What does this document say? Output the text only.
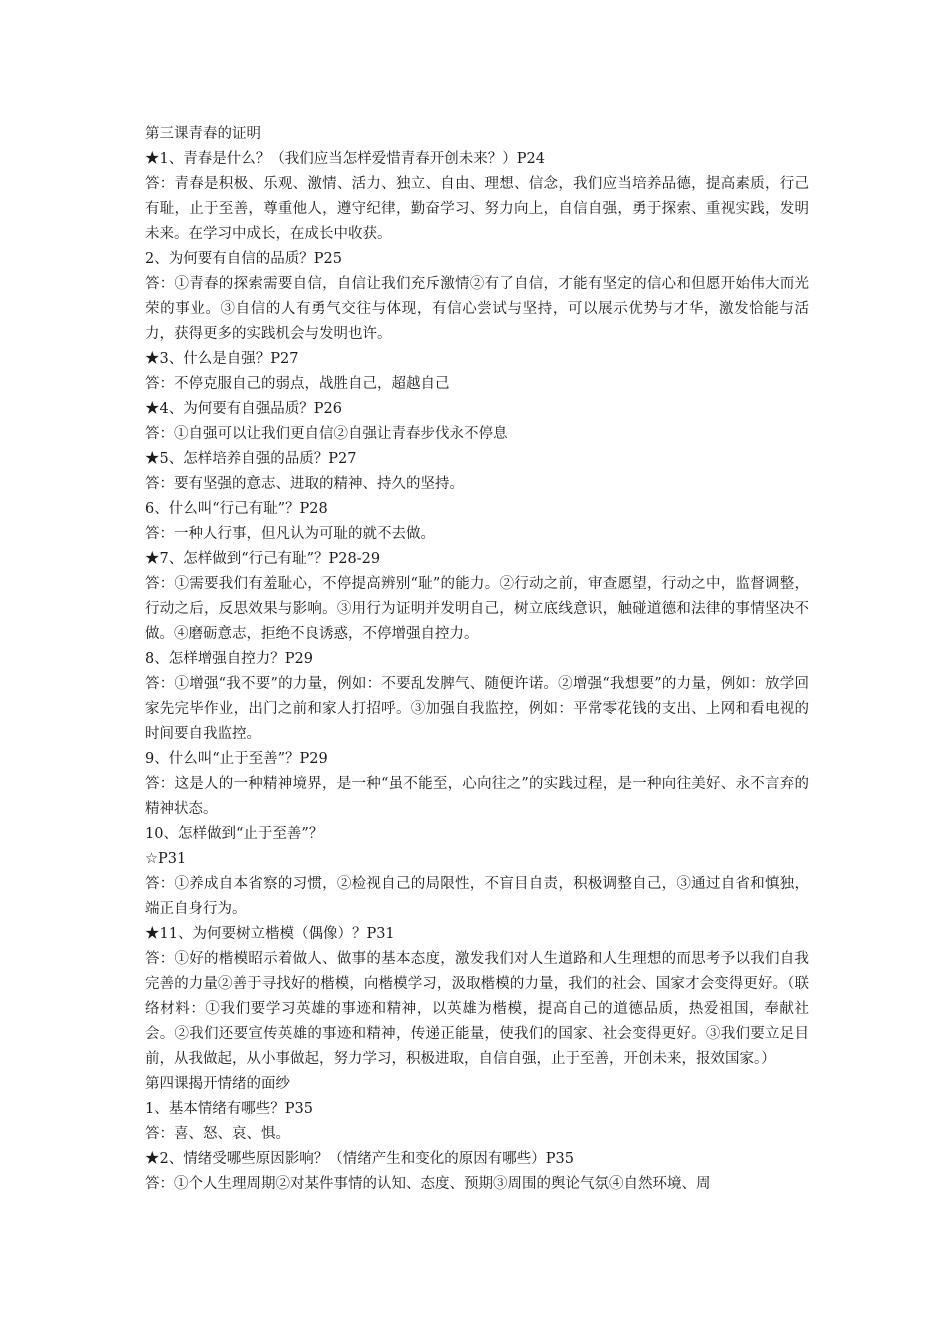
第三课青春的证明

★1、青春是什么？（我们应当怎样爱惜青春开创未来？）P24

答：青春是积极、乐观、激情、活力、独立、自由、理想、信念，我们应当培养品德，提高素质，行己有耻，止于至善，尊重他人，遵守纪律，勤奋学习、努力向上，自信自强，勇于探索、重视实践，发明未来。在学习中成长，在成长中收获。

2、为何要有自信的品质？P25

答：①青春的探索需要自信，自信让我们充斥激情②有了自信，才能有坚定的信心和但愿开始伟大而光荣的事业。③自信的人有勇气交往与体现，有信心尝试与坚持，可以展示优势与才华，激发恰能与活力，获得更多的实践机会与发明也许。

★3、什么是自强？P27

答：不停克服自己的弱点，战胜自己，超越自己

★4、为何要有自强品质？P26

答：①自强可以让我们更自信②自强让青春步伐永不停息

★5、怎样培养自强的品质？P27

答：要有坚强的意志、进取的精神、持久的坚持。

6、什么叫“行己有耻”？P28

答：一种人行事，但凡认为可耻的就不去做。

★7、怎样做到“行己有耻”？P28-29

答：①需要我们有羞耻心，不停提高辨别“耻”的能力。②行动之前，审查愿望，行动之中，监督调整，行动之后，反思效果与影响。③用行为证明并发明自己，树立底线意识，触碰道德和法律的事情坚决不做。④磨砺意志，拒绝不良诱惑，不停增强自控力。

8、怎样增强自控力？P29

答：①增强“我不要”的力量，例如：不要乱发脾气、随便许诺。②增强“我想要”的力量，例如：放学回家先完毕作业，出门之前和家人打招呼。③加强自我监控，例如：平常零花钱的支出、上网和看电视的时间要自我监控。

9、什么叫“止于至善”？P29

答：这是人的一种精神境界，是一种“虽不能至，心向往之”的实践过程，是一种向往美好、永不言弃的精神状态。

10、怎样做到“止于至善”？

☆P31

答：①养成自本省察的习惯，②检视自己的局限性，不盲目自责，积极调整自己，③通过自省和慎独，端正自身行为。

★11、为何要树立楷模（偶像）？P31

答：①好的楷模昭示着做人、做事的基本态度，激发我们对人生道路和人生理想的而思考予以我们自我完善的力量②善于寻找好的楷模，向楷模学习，汲取楷模的力量，我们的社会、国家才会变得更好。（联络材料：①我们要学习英雄的事迹和精神，以英雄为楷模，提高自己的道德品质，热爱祖国，奉献社会。②我们还要宣传英雄的事迹和精神，传递正能量，使我们的国家、社会变得更好。③我们要立足目前，从我做起，从小事做起，努力学习，积极进取，自信自强，止于至善，开创未来，报效国家。）

第四课揭开情绪的面纱

1、基本情绪有哪些？P35

答：喜、怒、哀、惧。

★2、情绪受哪些原因影响？（情绪产生和变化的原因有哪些）P35

答：①个人生理周期②对某件事情的认知、态度、预期③周围的舆论气氛④自然环境、周
